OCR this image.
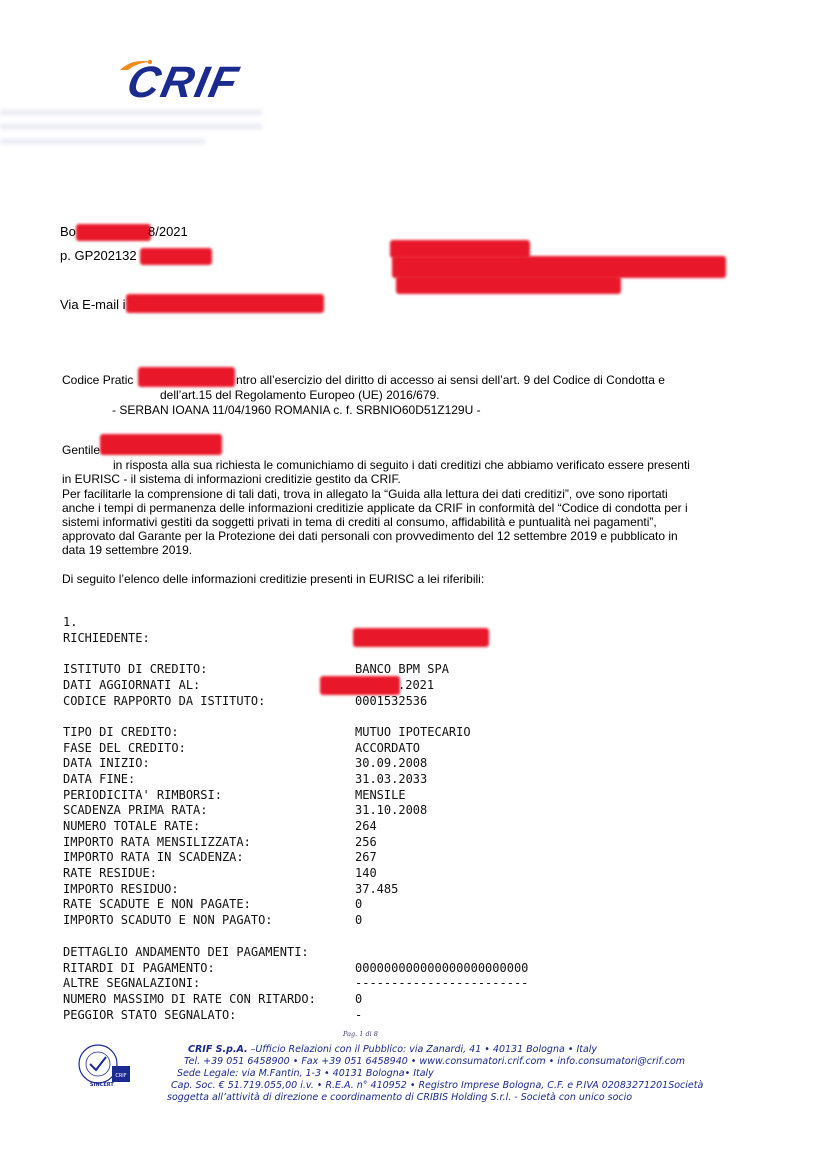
CRIF
Bo	8/2021
p. GP202132
Via E-mail i
Codice Pratic	ntro all’esercizio del diritto di accesso ai sensi dell’art. 9 del Codice di Condotta e
dell’art.15 del Regolamento Europeo (UE) 2016/679.
- SERBAN IOANA 11/04/1960 ROMANIA c. f. SRBNIO60D51Z129U -
Gentile
in risposta alla sua richiesta le comunichiamo di seguito i dati creditizi che abbiamo verificato essere presenti
in EURISC - il sistema di informazioni creditizie gestito da CRIF.
Per facilitarle la comprensione di tali dati, trova in allegato la “Guida alla lettura dei dati creditizi”, ove sono riportati
anche i tempi di permanenza delle informazioni creditizie applicate da CRIF in conformità del “Codice di condotta per i
sistemi informativi gestiti da soggetti privati in tema di crediti al consumo, affidabilità e puntualità nei pagamenti”,
approvato dal Garante per la Protezione dei dati personali con provvedimento del 12 settembre 2019 e pubblicato in
data 19 settembre 2019.
Di seguito l’elenco delle informazioni creditizie presenti in EURISC a lei riferibili:
1.
RICHIEDENTE:
ISTITUTO DI CREDITO:	BANCO BPM SPA
DATI AGGIORNATI AL:	.2021
CODICE RAPPORTO DA ISTITUTO:	0001532536
TIPO DI CREDITO:	MUTUO IPOTECARIO
FASE DEL CREDITO:	ACCORDATO
DATA INIZIO:	30.09.2008
DATA FINE:	31.03.2033
PERIODICITA' RIMBORSI:	MENSILE
SCADENZA PRIMA RATA:	31.10.2008
NUMERO TOTALE RATE:	264
IMPORTO RATA MENSILIZZATA:	256
IMPORTO RATA IN SCADENZA:	267
RATE RESIDUE:	140
IMPORTO RESIDUO:	37.485
RATE SCADUTE E NON PAGATE:	0
IMPORTO SCADUTO E NON PAGATO:	0
DETTAGLIO ANDAMENTO DEI PAGAMENTI:
RITARDI DI PAGAMENTO:	000000000000000000000000
ALTRE SEGNALAZIONI:	------------------------
NUMERO MASSIMO DI RATE CON RITARDO:	0
PEGGIOR STATO SEGNALATO:	-
Pag. 1 di 8
CRIF
SINCERT
CRIF S.p.A. –Ufficio Relazioni con il Pubblico: via Zanardi, 41 • 40131 Bologna • Italy
Tel. +39 051 6458900 • Fax +39 051 6458940 • www.consumatori.crif.com • info.consumatori@crif.com
Sede Legale: via M.Fantin, 1-3 • 40131 Bologna• Italy
Cap. Soc. € 51.719.055,00 i.v. • R.E.A. n° 410952 • Registro Imprese Bologna, C.F. e P.IVA 02083271201Società
soggetta all’attività di direzione e coordinamento di CRIBIS Holding S.r.l. - Società con unico socio
